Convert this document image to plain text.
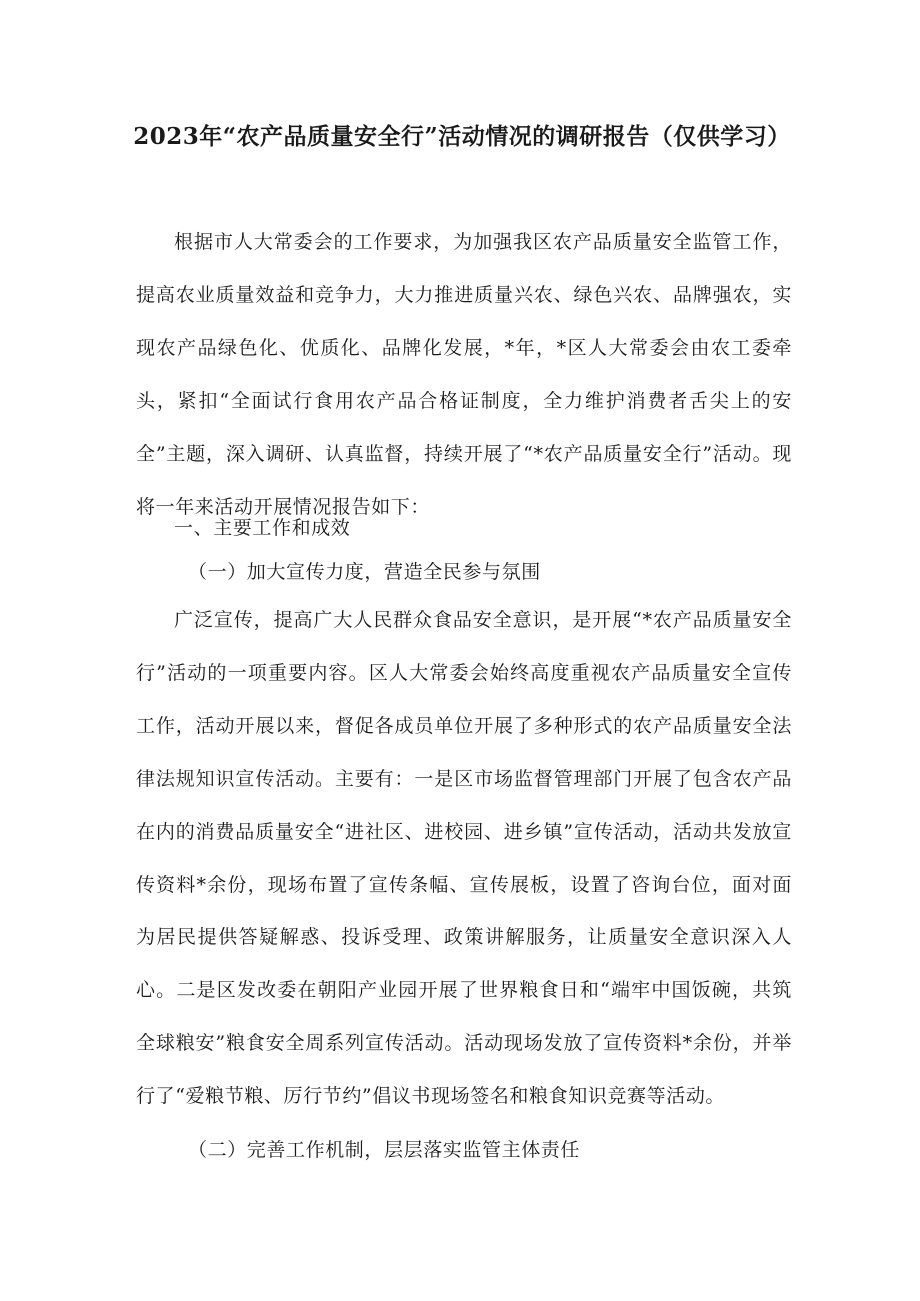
2023年“农产品质量安全行”活动情况的调研报告（仅供学习）
根据市人大常委会的工作要求，为加强我区农产品质量安全监管工作，提高农业质量效益和竞争力，大力推进质量兴农、绿色兴农、品牌强农，实现农产品绿色化、优质化、品牌化发展，*年，*区人大常委会由农工委牵头，紧扣“全面试行食用农产品合格证制度，全力维护消费者舌尖上的安全”主题，深入调研、认真监督，持续开展了“*农产品质量安全行”活动。现将一年来活动开展情况报告如下：
一、主要工作和成效
（一）加大宣传力度，营造全民参与氛围
广泛宣传，提高广大人民群众食品安全意识，是开展“*农产品质量安全行”活动的一项重要内容。区人大常委会始终高度重视农产品质量安全宣传工作，活动开展以来，督促各成员单位开展了多种形式的农产品质量安全法律法规知识宣传活动。主要有：一是区市场监督管理部门开展了包含农产品在内的消费品质量安全“进社区、进校园、进乡镇”宣传活动，活动共发放宣传资料*余份，现场布置了宣传条幅、宣传展板，设置了咨询台位，面对面为居民提供答疑解惑、投诉受理、政策讲解服务，让质量安全意识深入人心。二是区发改委在朝阳产业园开展了世界粮食日和“端牢中国饭碗，共筑全球粮安”粮食安全周系列宣传活动。活动现场发放了宣传资料*余份，并举行了“爱粮节粮、厉行节约”倡议书现场签名和粮食知识竞赛等活动。
（二）完善工作机制，层层落实监管主体责任
